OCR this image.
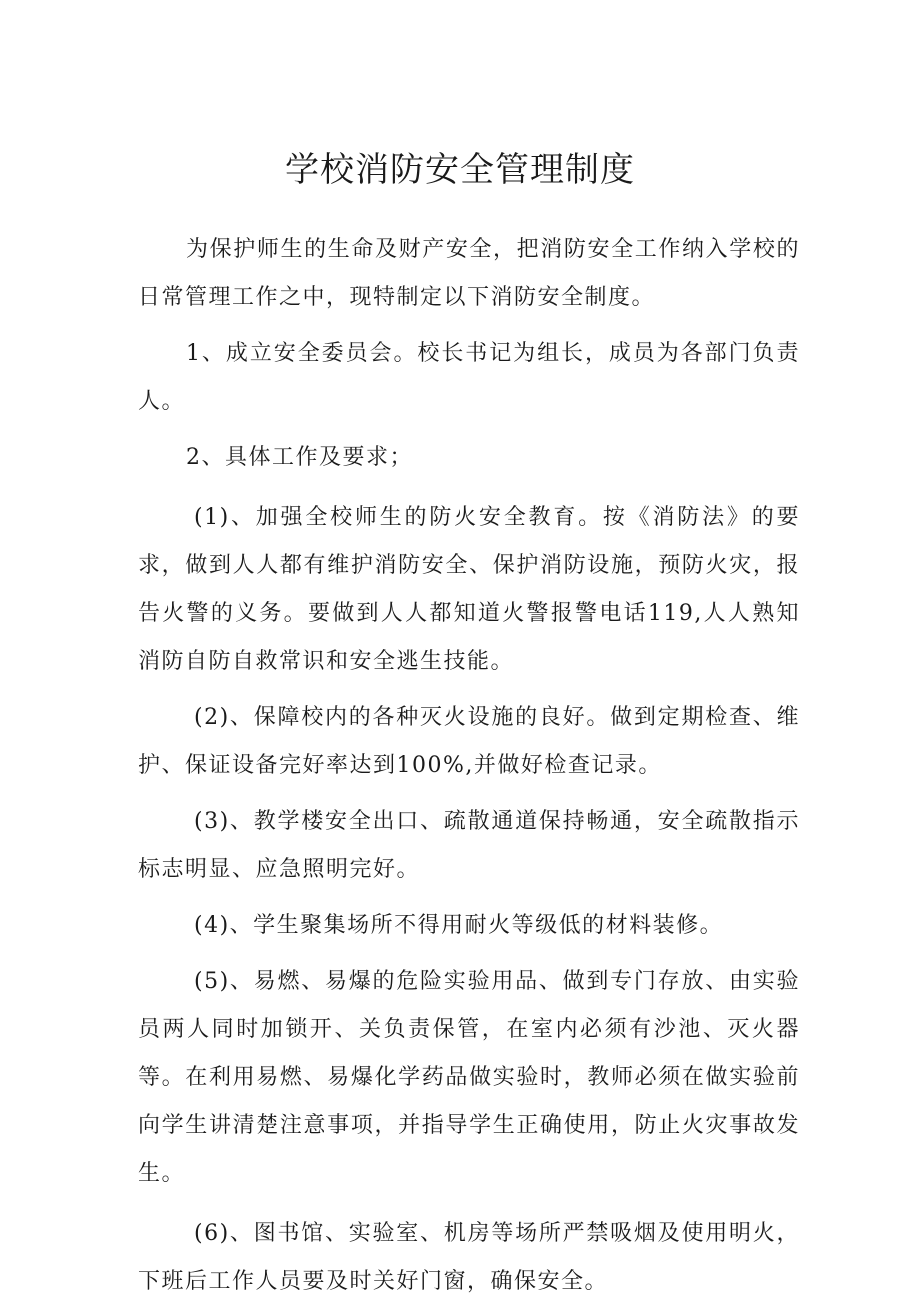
学校消防安全管理制度

为保护师生的生命及财产安全，把消防安全工作纳入学校的日常管理工作之中，现特制定以下消防安全制度。

1、成立安全委员会。校长书记为组长，成员为各部门负责人。

2、具体工作及要求；

(1)、加强全校师生的防火安全教育。按《消防法》的要求，做到人人都有维护消防安全、保护消防设施，预防火灾，报告火警的义务。要做到人人都知道火警报警电话119,人人熟知消防自防自救常识和安全逃生技能。

(2)、保障校内的各种灭火设施的良好。做到定期检查、维护、保证设备完好率达到100%,并做好检查记录。

(3)、教学楼安全出口、疏散通道保持畅通，安全疏散指示标志明显、应急照明完好。

(4)、学生聚集场所不得用耐火等级低的材料装修。

(5)、易燃、易爆的危险实验用品、做到专门存放、由实验员两人同时加锁开、关负责保管，在室内必须有沙池、灭火器等。在利用易燃、易爆化学药品做实验时，教师必须在做实验前向学生讲清楚注意事项，并指导学生正确使用，防止火灾事故发生。

(6)、图书馆、实验室、机房等场所严禁吸烟及使用明火，下班后工作人员要及时关好门窗，确保安全。
